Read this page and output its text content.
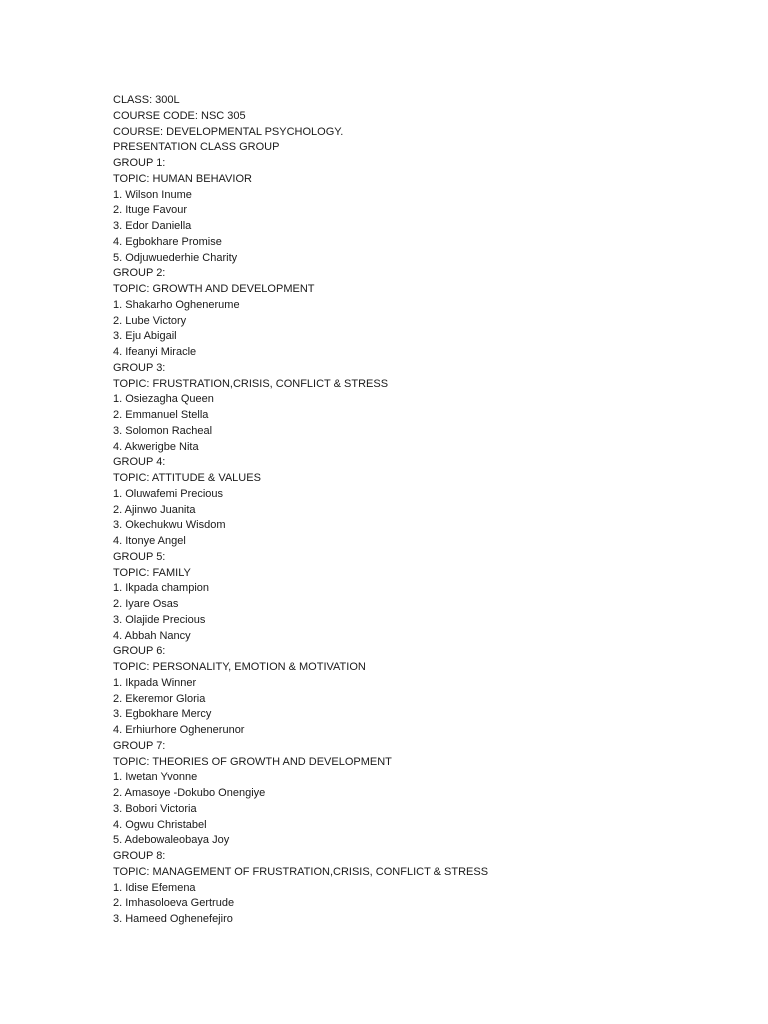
CLASS: 300L
COURSE CODE: NSC 305
COURSE: DEVELOPMENTAL PSYCHOLOGY.
PRESENTATION CLASS GROUP
GROUP 1:
TOPIC: HUMAN BEHAVIOR
1. Wilson Inume
2. Ituge Favour
3. Edor Daniella
4. Egbokhare Promise
5. Odjuwuederhie Charity
GROUP 2:
TOPIC: GROWTH AND DEVELOPMENT
1. Shakarho Oghenerume
2. Lube Victory
3. Eju Abigail
4. Ifeanyi Miracle
GROUP 3:
TOPIC: FRUSTRATION,CRISIS, CONFLICT & STRESS
1. Osiezagha Queen
2. Emmanuel Stella
3. Solomon Racheal
4. Akwerigbe Nita
GROUP 4:
TOPIC: ATTITUDE & VALUES
1. Oluwafemi Precious
2. Ajinwo Juanita
3. Okechukwu Wisdom
4. Itonye Angel
GROUP 5:
TOPIC: FAMILY
1. Ikpada champion
2. Iyare Osas
3. Olajide Precious
4. Abbah Nancy
GROUP 6:
TOPIC: PERSONALITY, EMOTION & MOTIVATION
1. Ikpada Winner
2. Ekeremor Gloria
3. Egbokhare Mercy
4. Erhiurhore Oghenerunor
GROUP 7:
TOPIC: THEORIES OF GROWTH AND DEVELOPMENT
1. Iwetan Yvonne
2. Amasoye -Dokubo Onengiye
3. Bobori Victoria
4. Ogwu Christabel
5. Adebowaleobaya Joy
GROUP 8:
TOPIC: MANAGEMENT OF FRUSTRATION,CRISIS, CONFLICT & STRESS
1. Idise Efemena
2. Imhasoloeva Gertrude
3. Hameed Oghenefejiro
